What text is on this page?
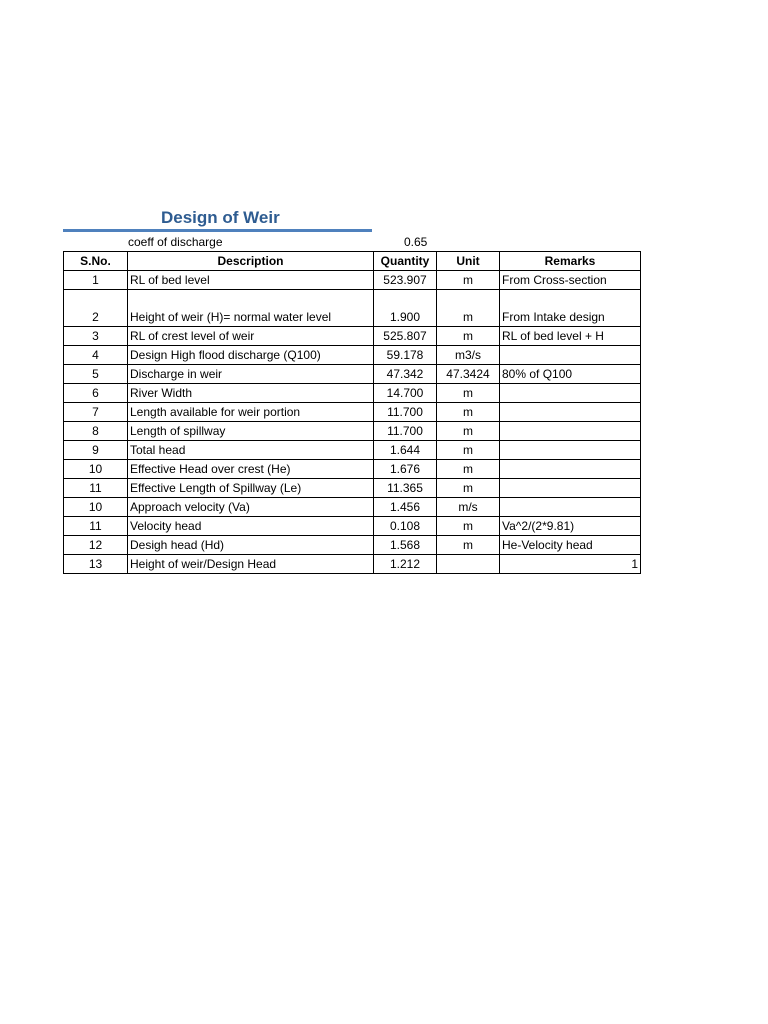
Design of Weir
coeff of discharge	0.65
S.No.	Description	Quantity	Unit	Remarks
1	RL of bed level	523.907	m	From Cross-section
2	Height of weir (H)= normal water level	1.900	m	From Intake design
3	RL of crest level of weir	525.807	m	RL of bed level + H
4	Design High flood discharge (Q100)	59.178	m3/s	
5	Discharge in weir	47.342	47.3424	80% of Q100
6	River Width	14.700	m	
7	Length available for weir portion	11.700	m	
8	Length of spillway	11.700	m	
9	Total head	1.644	m	
10	Effective Head over crest (He)	1.676	m	
11	Effective Length of Spillway (Le)	11.365	m	
10	Approach velocity (Va)	1.456	m/s	
11	Velocity head	0.108	m	Va^2/(2*9.81)
12	Desigh head (Hd)	1.568	m	He-Velocity head
13	Height of weir/Design Head	1.212		1
